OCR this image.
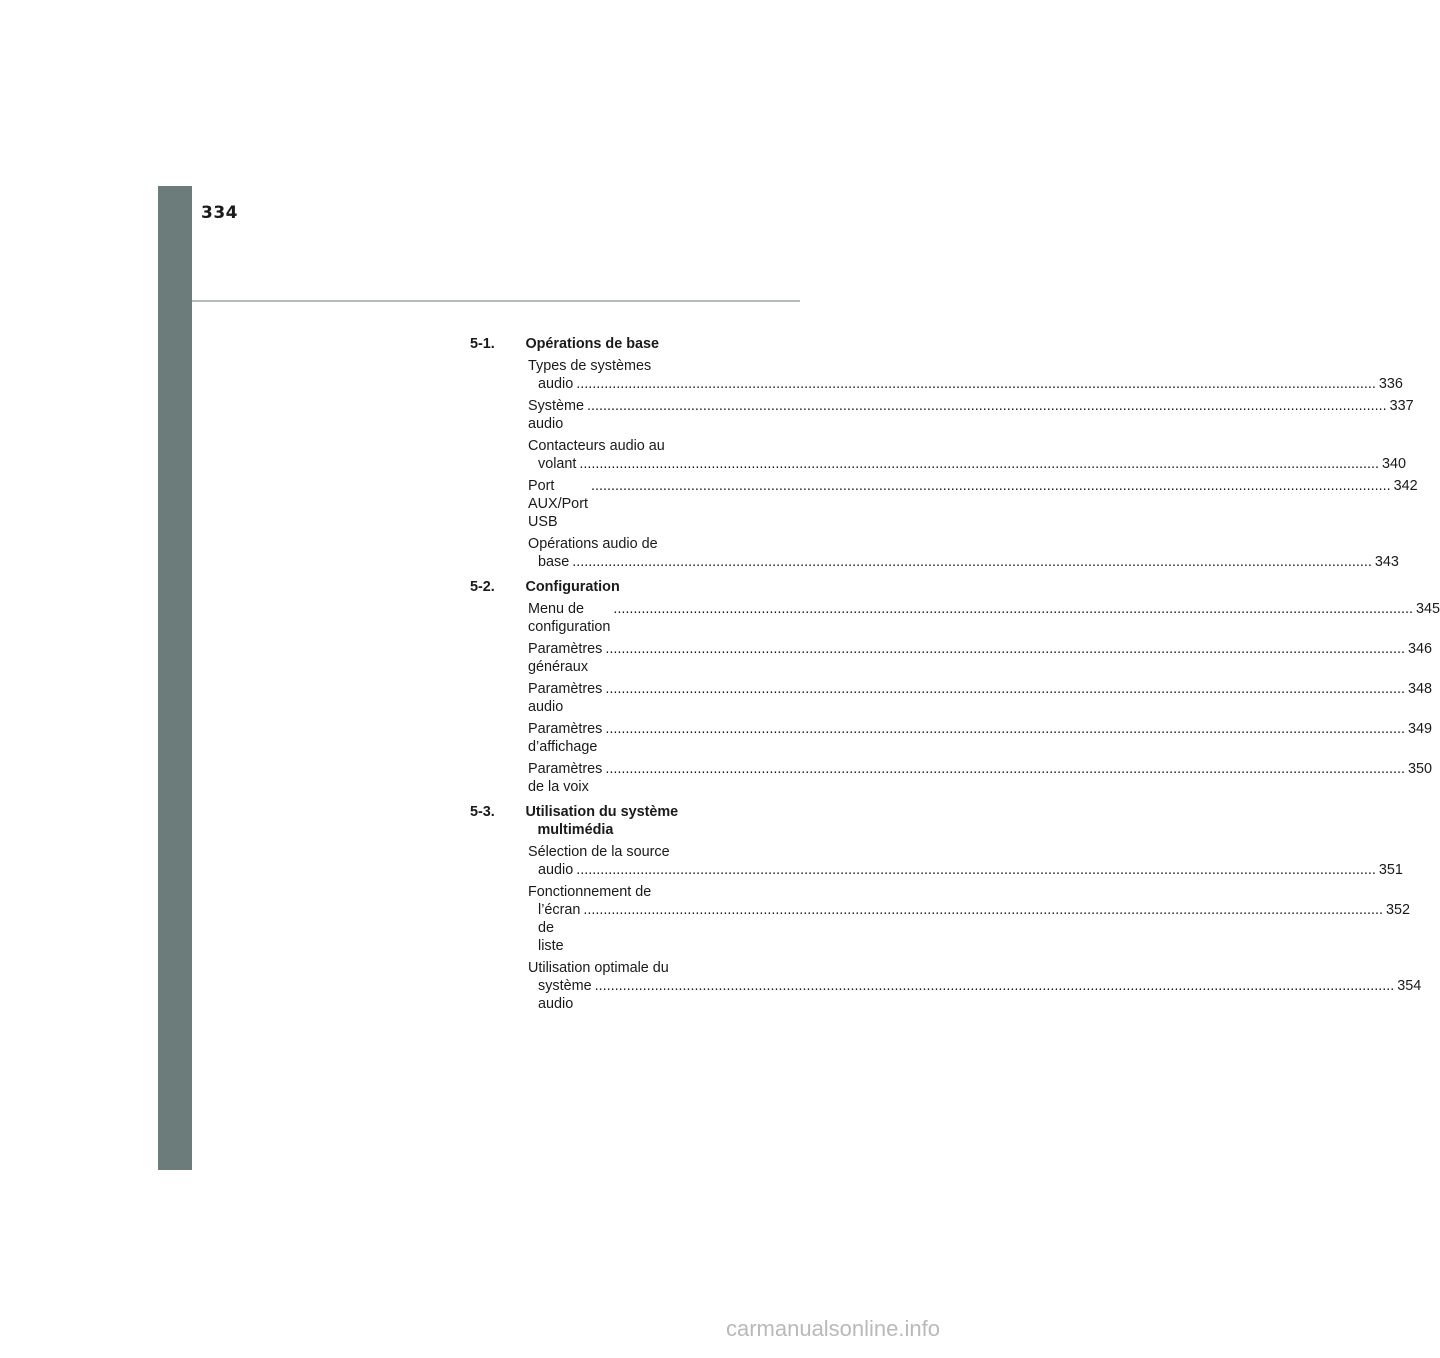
334
5-1.	Opérations de base
Types de systèmes
audio ........................................................................................................................................................................................................ 336
Système audio
........................................................................................................................................................................................................ 337
Contacteurs audio au
volant ........................................................................................................................................................................................................ 340
Port AUX/Port USB
........................................................................................................................................................................................................ 342
Opérations audio de
base ........................................................................................................................................................................................................ 343
5-2.	Configuration
Menu de configuration
........................................................................................................................................................................................................ 345
Paramètres généraux
........................................................................................................................................................................................................ 346
Paramètres audio
........................................................................................................................................................................................................ 348
Paramètres d’affichage
........................................................................................................................................................................................................ 349
Paramètres de la voix
........................................................................................................................................................................................................ 350
5-3.	Utilisation du système multimédia
Sélection de la source
audio ........................................................................................................................................................................................................ 351
Fonctionnement de
l’écran de liste
........................................................................................................................................................................................................ 352
Utilisation optimale du
système audio
........................................................................................................................................................................................................ 354
carmanualsonline.info
